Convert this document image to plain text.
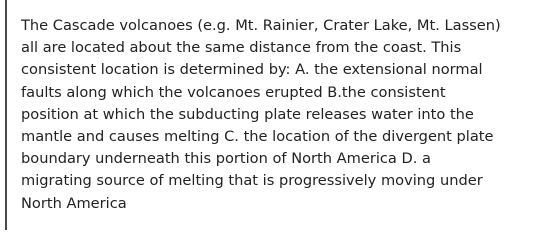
The Cascade volcanoes (e.g. Mt. Rainier, Crater Lake, Mt. Lassen)
all are located about the same distance from the coast. This
consistent location is determined by: A. the extensional normal
faults along which the volcanoes erupted B.the consistent
position at which the subducting plate releases water into the
mantle and causes melting C. the location of the divergent plate
boundary underneath this portion of North America D. a
migrating source of melting that is progressively moving under
North America
